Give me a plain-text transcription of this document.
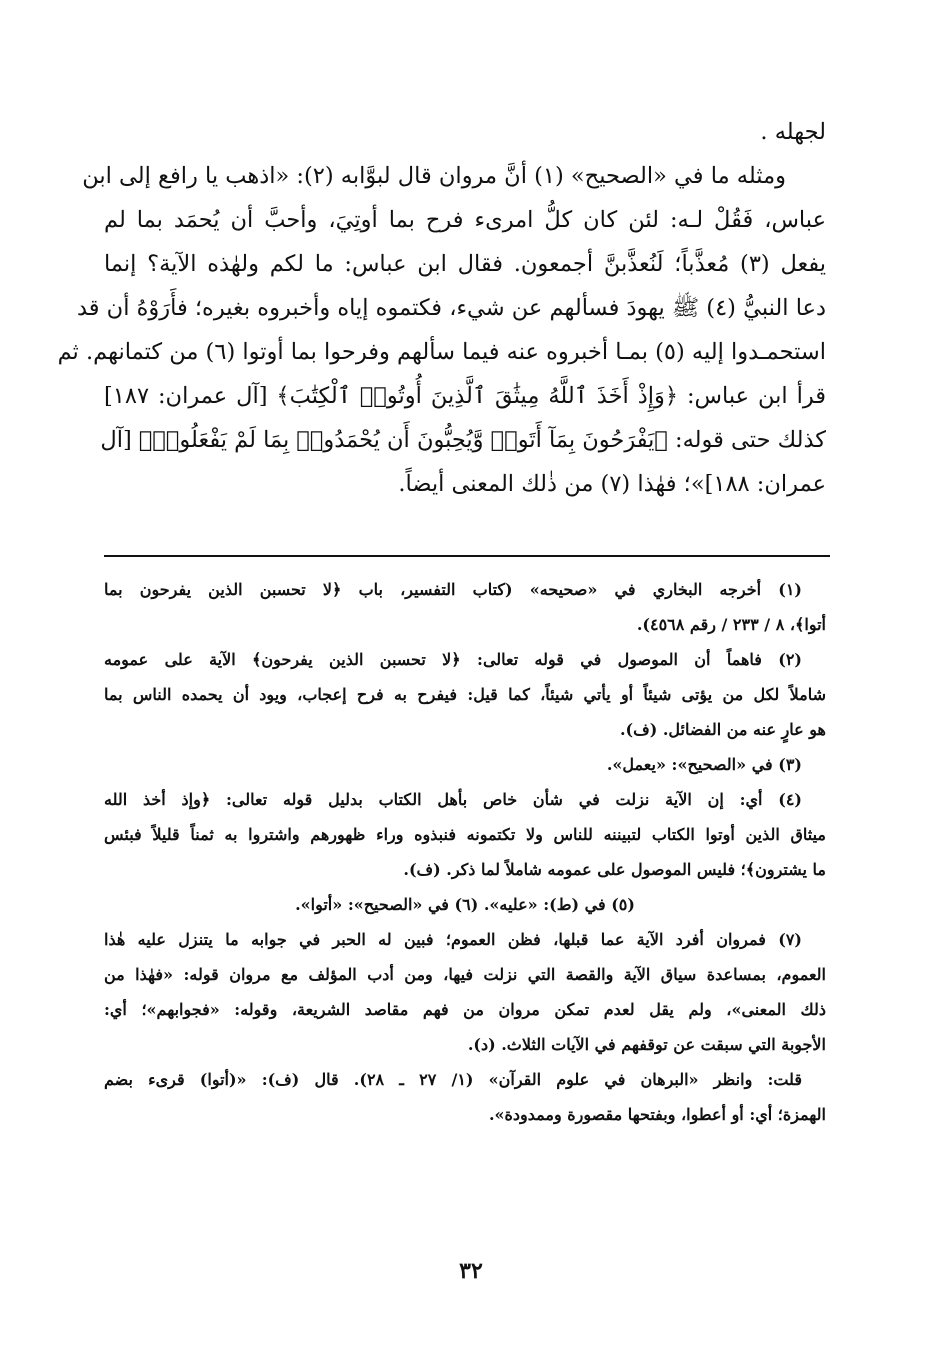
لجهله .
ومثله ما في «الصحيح» (١) أنَّ مروان قال لبوَّابه (٢): «اذهب يا رافع إلى ابن
عباس، فَقُلْ لـه: لئن كان كلُّ امرىء فرح بما أوتِيَ، وأحبَّ أن يُحمَد بما لم
يفعل (٣) مُعذَّباً؛ لَنُعذَّبنَّ أجمعون. فقال ابن عباس: ما لكم ولهٰذه الآية؟ إنما
دعا النبيُّ (٤) ﷺ يهودَ فسألهم عن شيء، فكتموه إياه وأخبروه بغيره؛ فأَرَوْهُ أن قد
استحمـدوا إليه (٥) بمـا أخبروه عنه فيما سألهم وفرحوا بما أوتوا (٦) من كتمانهم. ثم
قرأ ابن عباس: ﴿وَإِذْ أَخَذَ ٱللَّهُ مِيثَٰقَ ٱلَّذِينَ أُوتُوا۟ ٱلْكِتَٰبَ﴾ [آل عمران: ١٨٧]
كذلك حتى قوله: ﴿يَفْرَحُونَ بِمَآ أَتَوا۟ وَّيُحِبُّونَ أَن يُحْمَدُوا۟ بِمَا لَمْ يَفْعَلُوا۟﴾ [آل
عمران: ١٨٨]»؛ فهٰذا (٧) من ذٰلك المعنى أيضاً.
(١) أخرجه البخاري في «صحيحه» (كتاب التفسير، باب ﴿لا تحسبن الذين يفرحون بما
أتوا﴾، ٨ / ٢٣٣ / رقم ٤٥٦٨).
(٢) فاهماً أن الموصول في قوله تعالى: ﴿لا تحسبن الذين يفرحون﴾ الآية على عمومه
شاملاً لكل من يؤتى شيئاً أو يأتي شيئاً، كما قيل: فيفرح به فرح إعجاب، ويود أن يحمده الناس بما
هو عارٍ عنه من الفضائل. (ف).
(٣) في «الصحيح»: «يعمل».
(٤) أي: إن الآية نزلت في شأن خاص بأهل الكتاب بدليل قوله تعالى: ﴿وإذ أخذ الله
ميثاق الذين أوتوا الكتاب لتبيننه للناس ولا تكتمونه فنبذوه وراء ظهورهم واشتروا به ثمناً قليلاً فبئس
ما يشترون﴾؛ فليس الموصول على عمومه شاملاً لما ذكر. (ف).
(٥) في (ط): «عليه». (٦) في «الصحيح»: «أتوا».
(٧) فمروان أفرد الآية عما قبلها، فظن العموم؛ فبين له الحبر في جوابه ما يتنزل عليه هٰذا
العموم، بمساعدة سياق الآية والقصة التي نزلت فيها، ومن أدب المؤلف مع مروان قوله: «فهٰذا من
ذلك المعنى»، ولم يقل لعدم تمكن مروان من فهم مقاصد الشريعة، وقوله: «فجوابهم»؛ أي:
الأجوبة التي سبقت عن توقفهم في الآيات الثلاث. (د).
قلت: وانظر «البرهان في علوم القرآن» (١/ ٢٧ ـ ٢٨). قال (ف): «(أتوا) قرىء بضم
الهمزة؛ أي: أو أعطوا، وبفتحها مقصورة وممدودة».
٣٢
